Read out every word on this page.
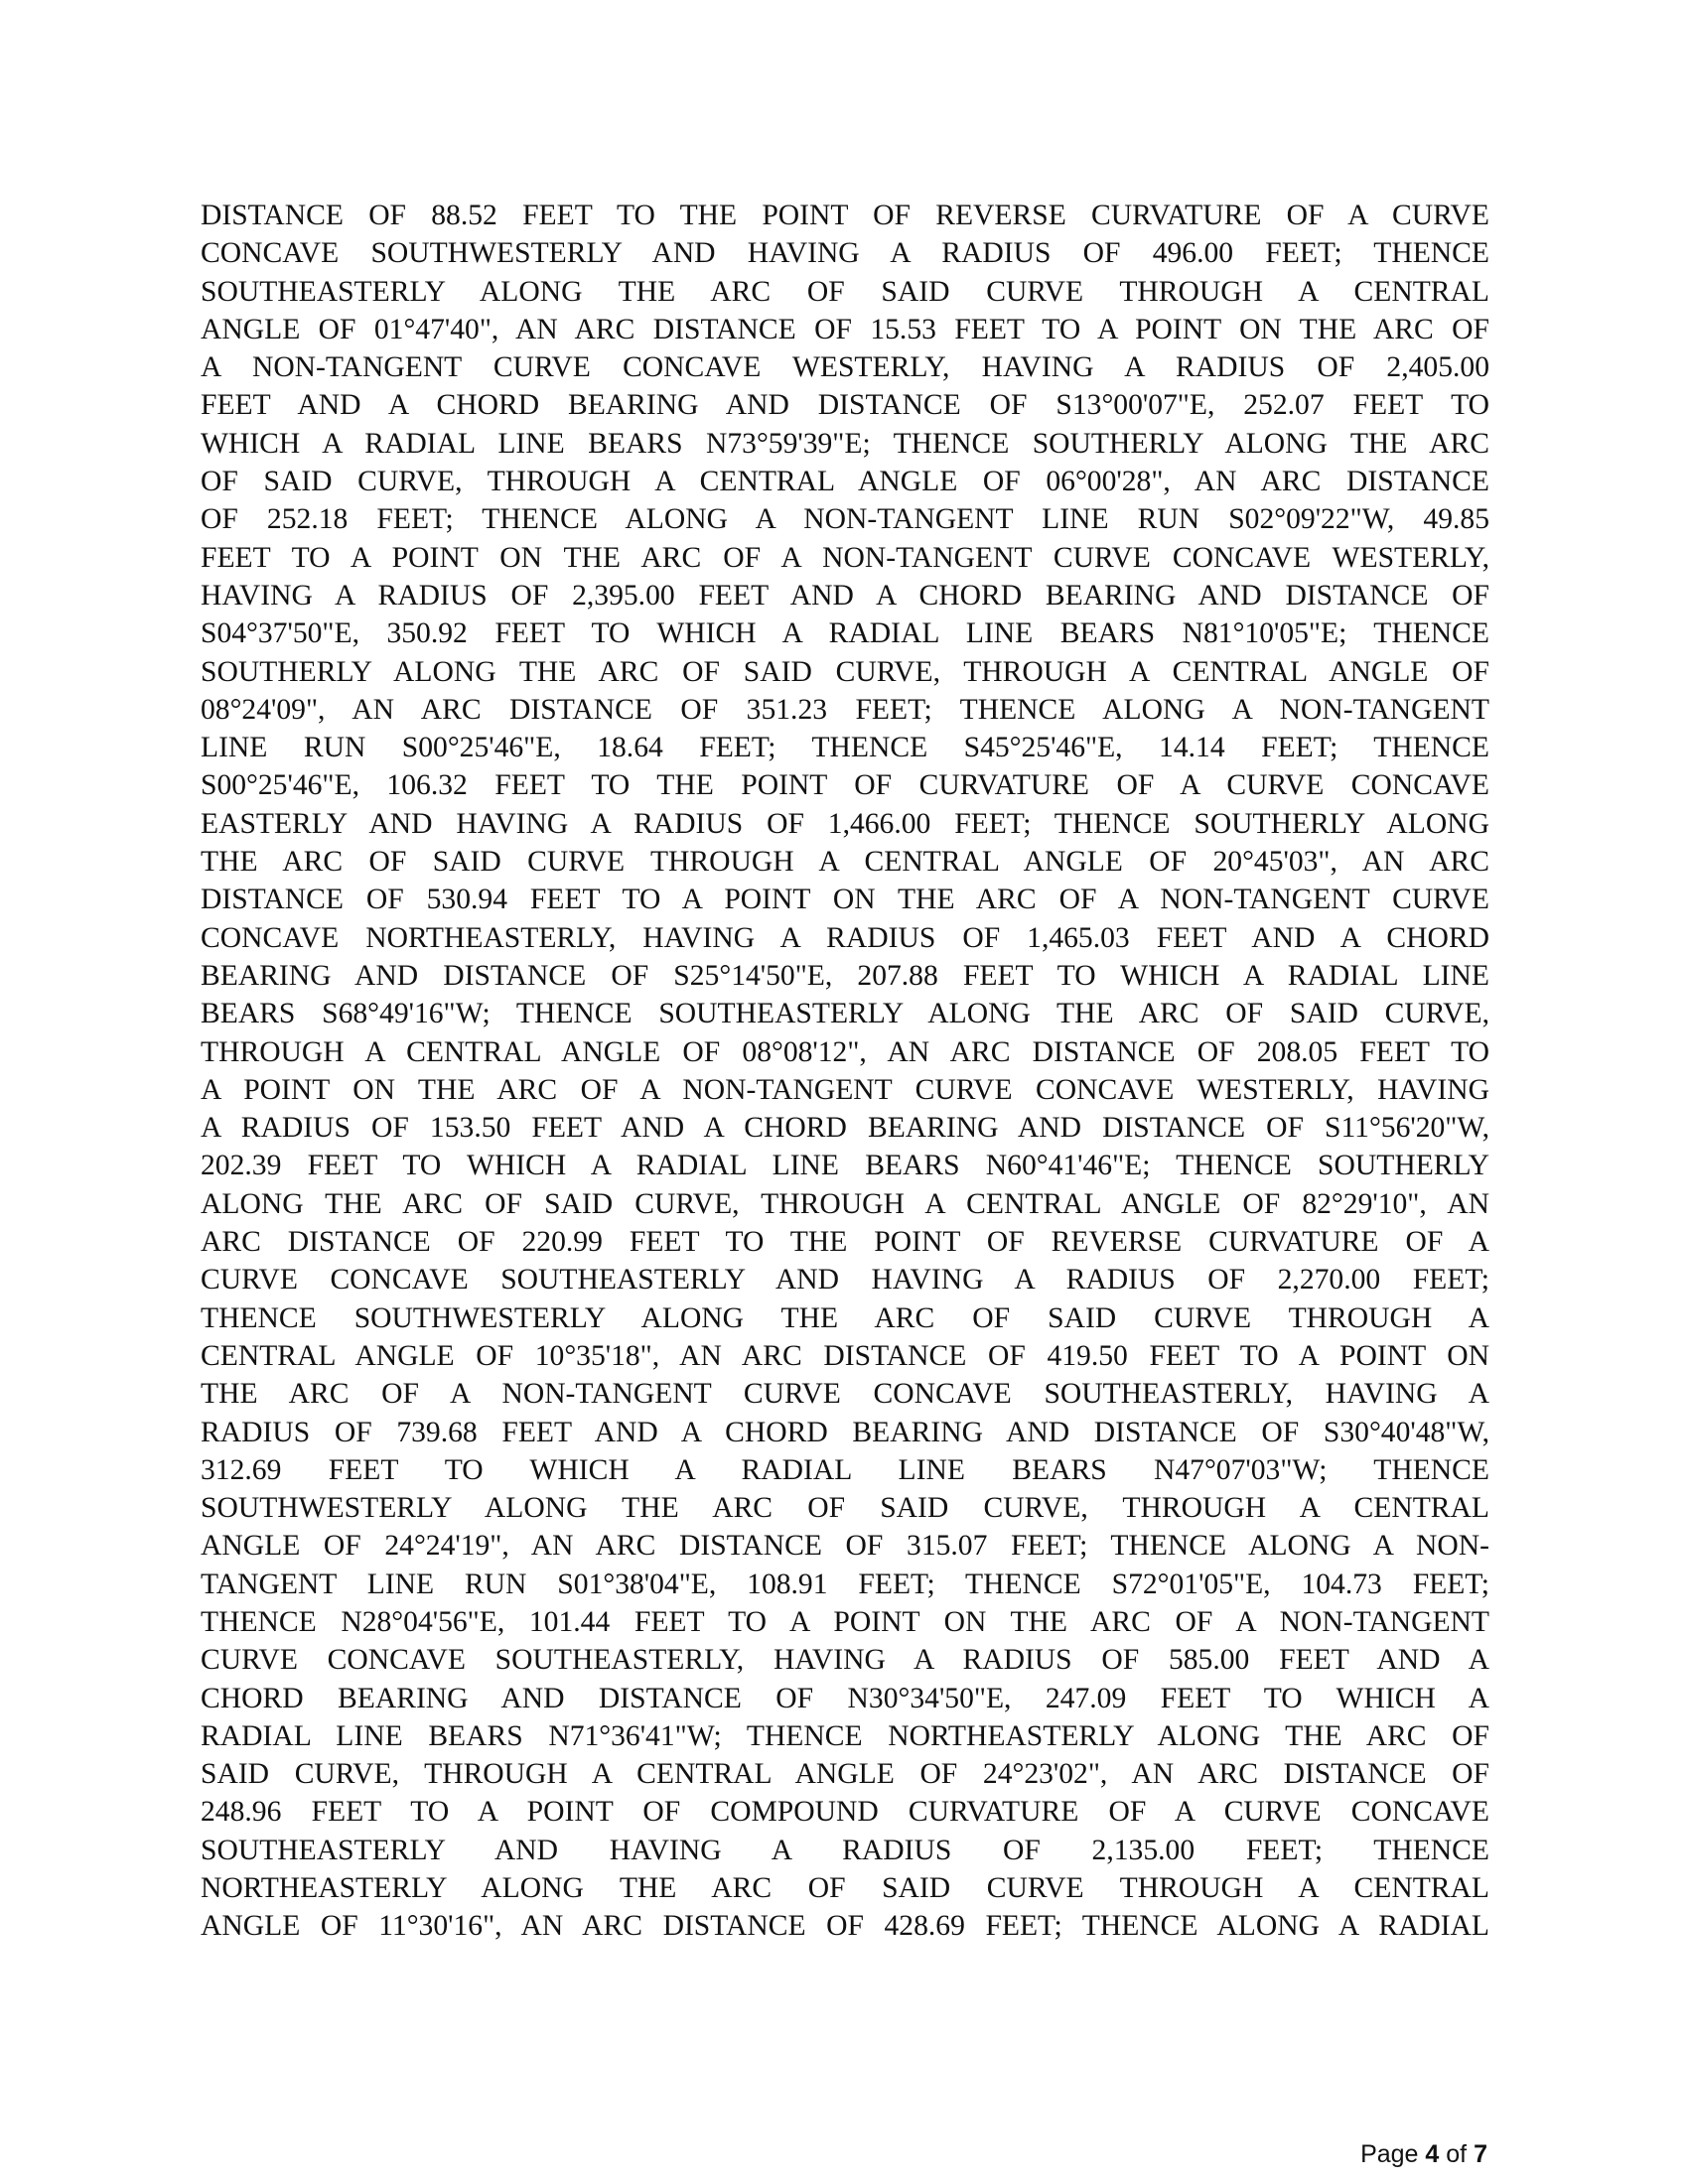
DISTANCE OF 88.52 FEET TO THE POINT OF REVERSE CURVATURE OF A CURVE
CONCAVE SOUTHWESTERLY AND HAVING A RADIUS OF 496.00 FEET; THENCE
SOUTHEASTERLY ALONG THE ARC OF SAID CURVE THROUGH A CENTRAL
ANGLE OF 01°47'40", AN ARC DISTANCE OF 15.53 FEET TO A POINT ON THE ARC OF
A NON-TANGENT CURVE CONCAVE WESTERLY, HAVING A RADIUS OF 2,405.00
FEET AND A CHORD BEARING AND DISTANCE OF S13°00'07"E, 252.07 FEET TO
WHICH A RADIAL LINE BEARS N73°59'39"E; THENCE SOUTHERLY ALONG THE ARC
OF SAID CURVE, THROUGH A CENTRAL ANGLE OF 06°00'28", AN ARC DISTANCE
OF 252.18 FEET; THENCE ALONG A NON-TANGENT LINE RUN S02°09'22"W, 49.85
FEET TO A POINT ON THE ARC OF A NON-TANGENT CURVE CONCAVE WESTERLY,
HAVING A RADIUS OF 2,395.00 FEET AND A CHORD BEARING AND DISTANCE OF
S04°37'50"E, 350.92 FEET TO WHICH A RADIAL LINE BEARS N81°10'05"E; THENCE
SOUTHERLY ALONG THE ARC OF SAID CURVE, THROUGH A CENTRAL ANGLE OF
08°24'09", AN ARC DISTANCE OF 351.23 FEET; THENCE ALONG A NON-TANGENT
LINE RUN S00°25'46"E, 18.64 FEET; THENCE S45°25'46"E, 14.14 FEET; THENCE
S00°25'46"E, 106.32 FEET TO THE POINT OF CURVATURE OF A CURVE CONCAVE
EASTERLY AND HAVING A RADIUS OF 1,466.00 FEET; THENCE SOUTHERLY ALONG
THE ARC OF SAID CURVE THROUGH A CENTRAL ANGLE OF 20°45'03", AN ARC
DISTANCE OF 530.94 FEET TO A POINT ON THE ARC OF A NON-TANGENT CURVE
CONCAVE NORTHEASTERLY, HAVING A RADIUS OF 1,465.03 FEET AND A CHORD
BEARING AND DISTANCE OF S25°14'50"E, 207.88 FEET TO WHICH A RADIAL LINE
BEARS S68°49'16"W; THENCE SOUTHEASTERLY ALONG THE ARC OF SAID CURVE,
THROUGH A CENTRAL ANGLE OF 08°08'12", AN ARC DISTANCE OF 208.05 FEET TO
A POINT ON THE ARC OF A NON-TANGENT CURVE CONCAVE WESTERLY, HAVING
A RADIUS OF 153.50 FEET AND A CHORD BEARING AND DISTANCE OF S11°56'20"W,
202.39 FEET TO WHICH A RADIAL LINE BEARS N60°41'46"E; THENCE SOUTHERLY
ALONG THE ARC OF SAID CURVE, THROUGH A CENTRAL ANGLE OF 82°29'10", AN
ARC DISTANCE OF 220.99 FEET TO THE POINT OF REVERSE CURVATURE OF A
CURVE CONCAVE SOUTHEASTERLY AND HAVING A RADIUS OF 2,270.00 FEET;
THENCE SOUTHWESTERLY ALONG THE ARC OF SAID CURVE THROUGH A
CENTRAL ANGLE OF 10°35'18", AN ARC DISTANCE OF 419.50 FEET TO A POINT ON
THE ARC OF A NON-TANGENT CURVE CONCAVE SOUTHEASTERLY, HAVING A
RADIUS OF 739.68 FEET AND A CHORD BEARING AND DISTANCE OF S30°40'48"W,
312.69 FEET TO WHICH A RADIAL LINE BEARS N47°07'03"W; THENCE
SOUTHWESTERLY ALONG THE ARC OF SAID CURVE, THROUGH A CENTRAL
ANGLE OF 24°24'19", AN ARC DISTANCE OF 315.07 FEET; THENCE ALONG A NON-
TANGENT LINE RUN S01°38'04"E, 108.91 FEET; THENCE S72°01'05"E, 104.73 FEET;
THENCE N28°04'56"E, 101.44 FEET TO A POINT ON THE ARC OF A NON-TANGENT
CURVE CONCAVE SOUTHEASTERLY, HAVING A RADIUS OF 585.00 FEET AND A
CHORD BEARING AND DISTANCE OF N30°34'50"E, 247.09 FEET TO WHICH A
RADIAL LINE BEARS N71°36'41"W; THENCE NORTHEASTERLY ALONG THE ARC OF
SAID CURVE, THROUGH A CENTRAL ANGLE OF 24°23'02", AN ARC DISTANCE OF
248.96 FEET TO A POINT OF COMPOUND CURVATURE OF A CURVE CONCAVE
SOUTHEASTERLY AND HAVING A RADIUS OF 2,135.00 FEET; THENCE
NORTHEASTERLY ALONG THE ARC OF SAID CURVE THROUGH A CENTRAL
ANGLE OF 11°30'16", AN ARC DISTANCE OF 428.69 FEET; THENCE ALONG A RADIAL
Page 4 of 7
